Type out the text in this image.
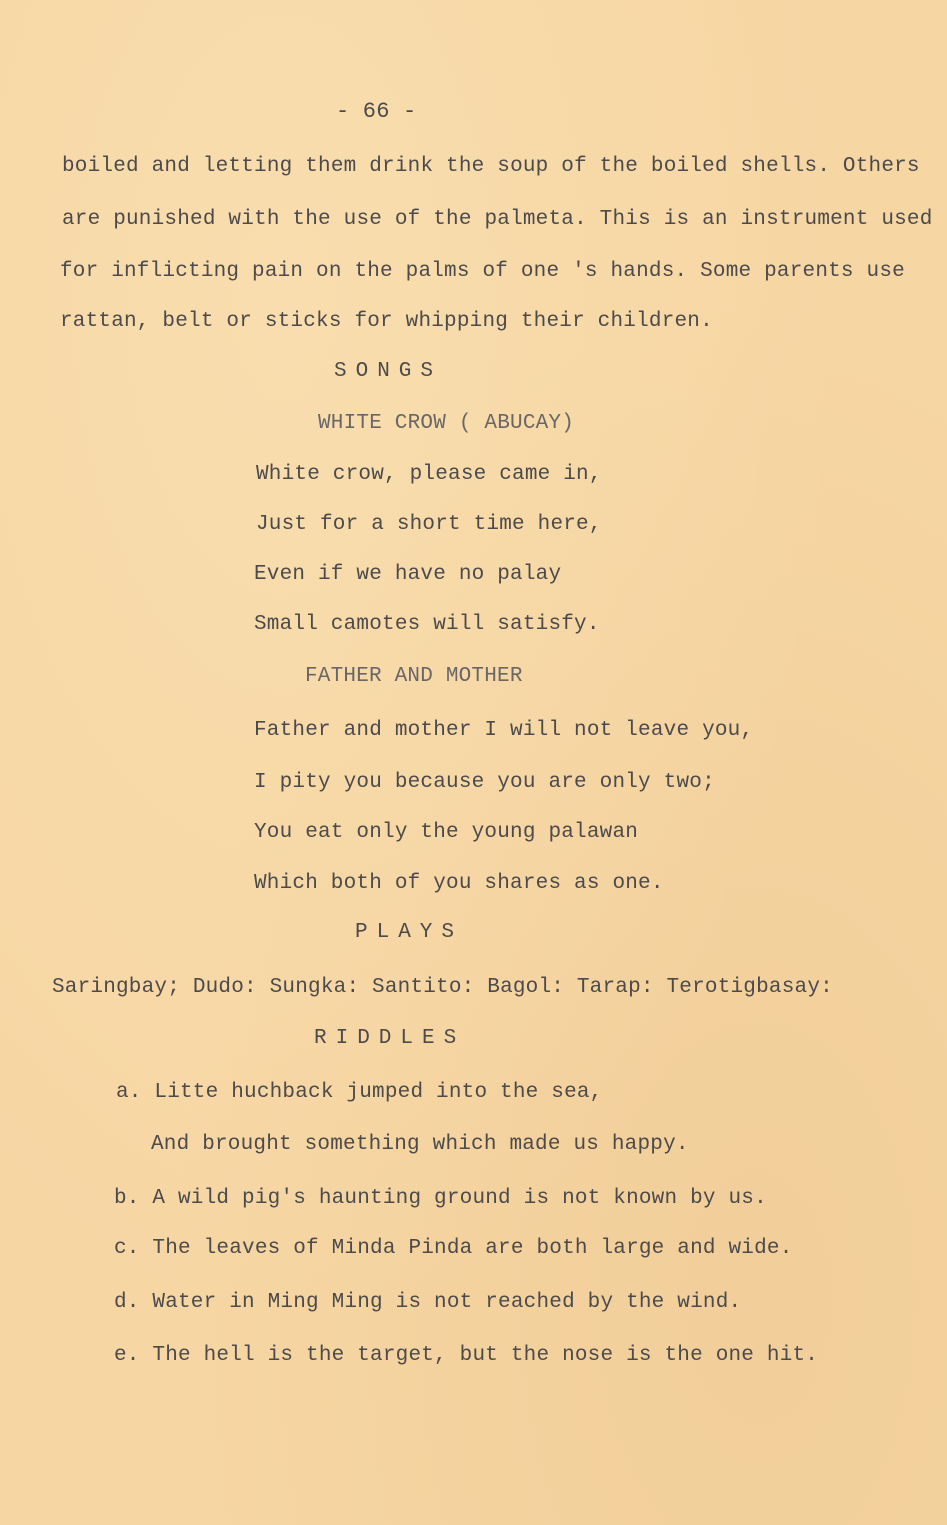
- 66 -
boiled and letting them drink the soup of the boiled shells. Others
are punished with the use of the palmeta. This is an instrument used
for inflicting pain on the palms of one 's hands. Some parents use
rattan, belt or sticks for whipping their children.
SONGS
WHITE CROW ( ABUCAY)
White crow, please came in,
Just for a short time here,
Even if we have no palay
Small camotes will satisfy.
FATHER AND MOTHER
Father and mother I will not leave you,
I pity you because you are only two;
You eat only the young palawan
Which both of you shares as one.
PLAYS
Saringbay; Dudo: Sungka: Santito: Bagol: Tarap: Terotigbasay:
RIDDLES
a. Litte huchback jumped into the sea,
And brought something which made us happy.
b. A wild pig's haunting ground is not known by us.
c. The leaves of Minda Pinda are both large and wide.
d. Water in Ming Ming is not reached by the wind.
e. The hell is the target, but the nose is the one hit.
